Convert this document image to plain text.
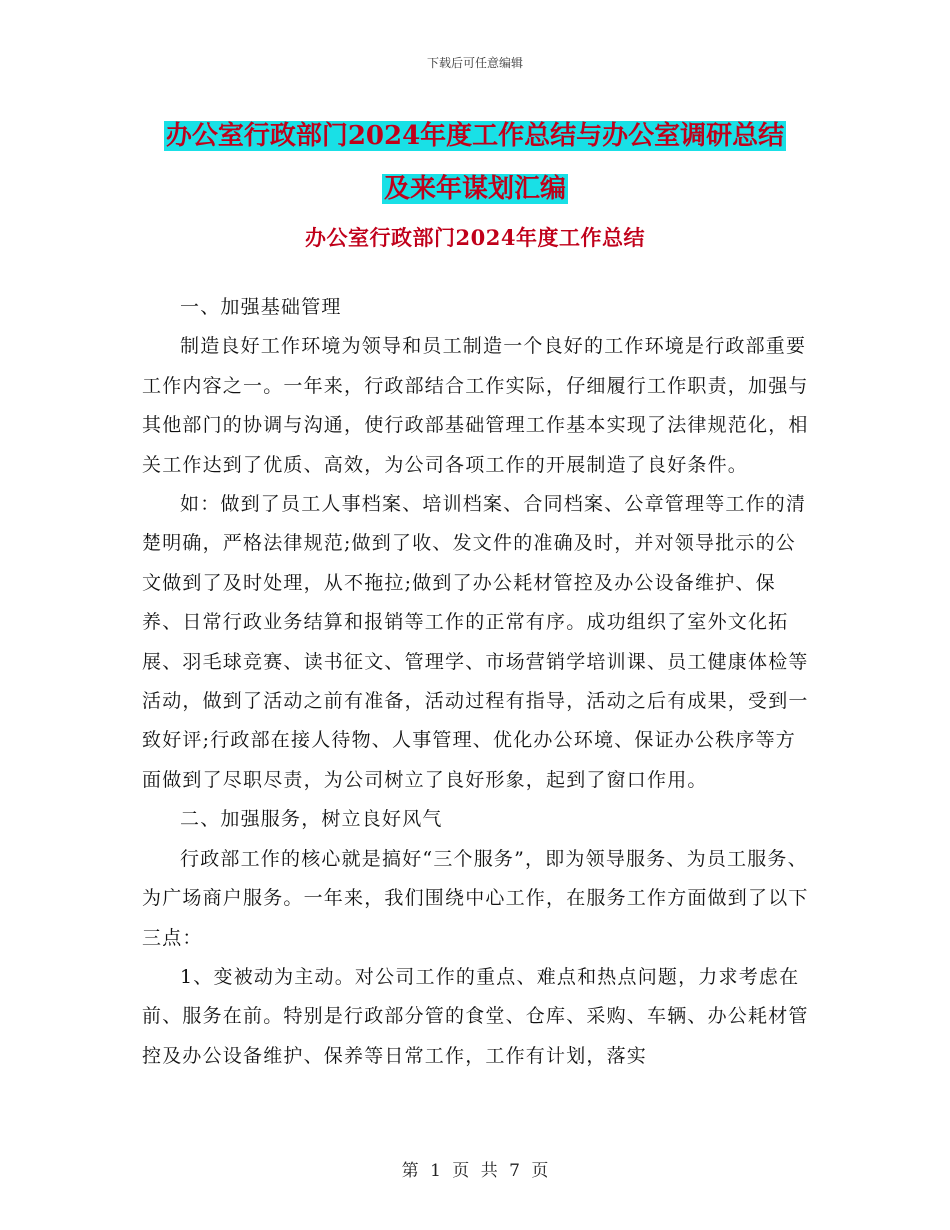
下载后可任意编辑
办公室行政部门2024年度工作总结与办公室调研总结
及来年谋划汇编
办公室行政部门2024年度工作总结

一、加强基础管理

制造良好工作环境为领导和员工制造一个良好的工作环境是行政部重要工作内容之一。一年来，行政部结合工作实际，仔细履行工作职责，加强与其他部门的协调与沟通，使行政部基础管理工作基本实现了法律规范化，相关工作达到了优质、高效，为公司各项工作的开展制造了良好条件。

如：做到了员工人事档案、培训档案、合同档案、公章管理等工作的清楚明确，严格法律规范;做到了收、发文件的准确及时，并对领导批示的公文做到了及时处理，从不拖拉;做到了办公耗材管控及办公设备维护、保养、日常行政业务结算和报销等工作的正常有序。成功组织了室外文化拓展、羽毛球竞赛、读书征文、管理学、市场营销学培训课、员工健康体检等活动，做到了活动之前有准备，活动过程有指导，活动之后有成果，受到一致好评;行政部在接人待物、人事管理、优化办公环境、保证办公秩序等方面做到了尽职尽责，为公司树立了良好形象，起到了窗口作用。

二、加强服务，树立良好风气

行政部工作的核心就是搞好“三个服务”，即为领导服务、为员工服务、为广场商户服务。一年来，我们围绕中心工作，在服务工作方面做到了以下三点：

1、变被动为主动。对公司工作的重点、难点和热点问题，力求考虑在前、服务在前。特别是行政部分管的食堂、仓库、采购、车辆、办公耗材管控及办公设备维护、保养等日常工作，工作有计划，落实

第 1 页 共 7 页
